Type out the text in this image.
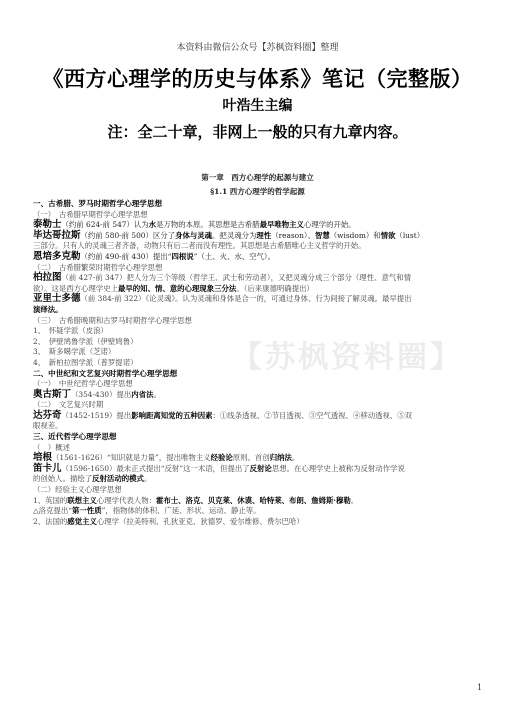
本资料由微信公众号【苏枫资料圈】整理
《西方心理学的历史与体系》笔记（完整版）
叶浩生主编
注：全二十章，非网上一般的只有九章内容。
第一章　西方心理学的起源与建立
§1.1 西方心理学的哲学起源
【苏枫资料圈】

一、古希腊、罗马时期哲学心理学思想

（一）　古希腊早期哲学心理学思想

泰勒士（约前 624-前 547）认为水是万物的本原。其思想是古希腊最早唯物主义心理学的开始。

毕达哥拉斯（约前 580-前 500）区分了身体与灵魂。把灵魂分为理性（reason）、智慧（wisdom）和情欲（lust）

三部分。只有人的灵魂三者齐备，动物只有后二者而没有理性。其思想是古希腊唯心主义哲学的开始。

恩培多克勒（约前 490-前 430）提出“四根说”（土、火、水、空气）。

（二）　古希腊繁荣时期哲学心理学思想

柏拉图（前 427-前 347）把人分为三个等级（哲学王、武士和劳动者），又把灵魂分成三个部分（理性、意气和情

欲）。这是西方心理学史上最早的知、情、意的心理现象三分法。（后来康德明确提出）

亚里士多德（前 384-前 322）《论灵魂》。认为灵魂和身体是合一的，可通过身体、行为间接了解灵魂。最早提出

演绎法。

（三）　古希腊晚期和古罗马时期哲学心理学思想

1、　怀疑学派（皮浪）

2、　伊壁鸠鲁学派（伊壁鸠鲁）

3、　斯多噶学派（芝诺）

4、　新柏拉图学派（普罗提诺）

二、中世纪和文艺复兴时期哲学心理学思想

（一）　中世纪哲学心理学思想

奥古斯丁（354-430）提出内省法。

（二）　文艺复兴时期

达芬奇（1452-1519）提出影响距离知觉的五种因素：①线条透视、②节目透视、③空气透视、④移动透视、⑤双

眼视差。

三、近代哲学心理学思想

（　）概述

培根（1561-1626）“知识就是力量”，提出唯物主义经验论原则。首创归纳法。

笛卡儿（1596-1650）最未正式提出“反射”这一术语，但提出了反射论思想。在心理学史上被称为反射动作学说

的创始人。描绘了反射活动的模式。

（二）经验主义心理学思想

1、英国的联想主义心理学代表人物：霍布士、洛克、贝克莱、休谟、哈特莱、布朗、詹姆斯·穆勒。

△洛克提出“第一性质”，指物体的体积、广延、形状、运动、静止等。

2、法国的感觉主义心理学（拉美特利、孔狄亚克、狄德罗、爱尔维修、费尔巴哈）

1
